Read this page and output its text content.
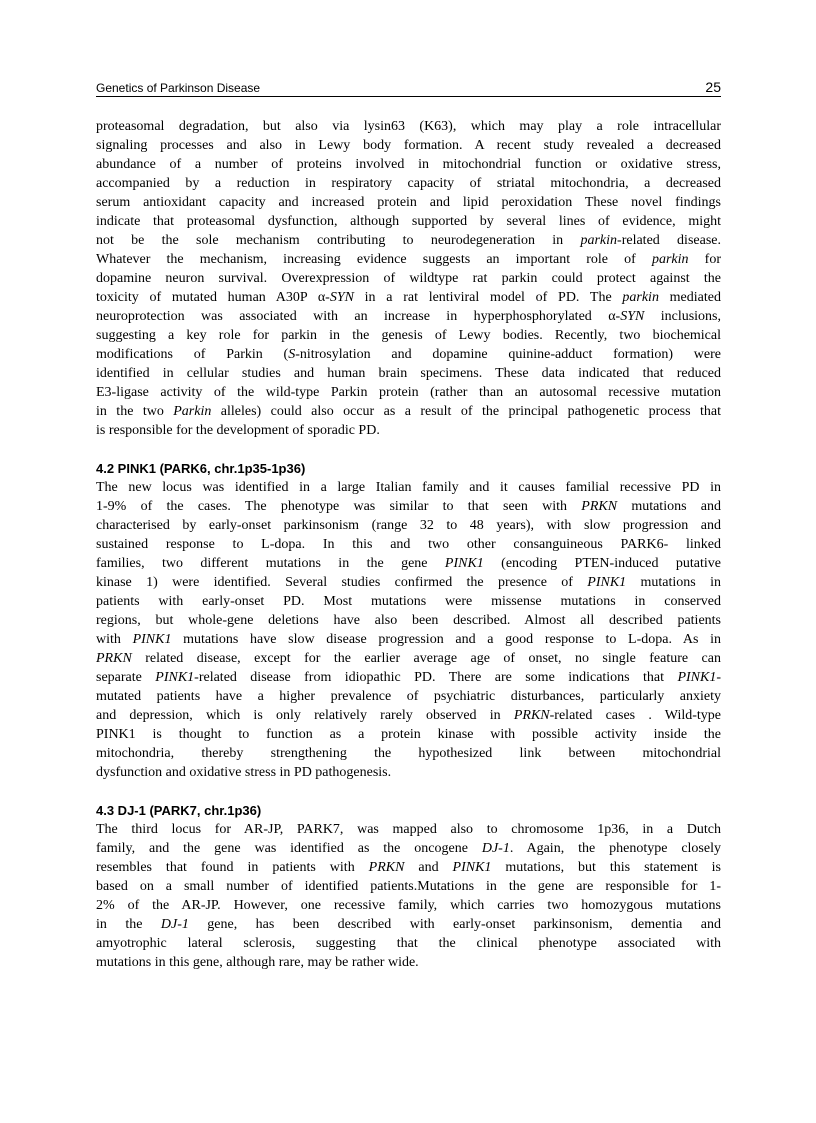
Genetics of Parkinson Disease	25

proteasomal degradation, but also via lysin63 (K63), which may play a role intracellular
signaling processes and also in Lewy body formation. A recent study revealed a decreased
abundance of a number of proteins involved in mitochondrial function or oxidative stress,
accompanied by a reduction in respiratory capacity of striatal mitochondria, a decreased
serum antioxidant capacity and increased protein and lipid peroxidation These novel findings
indicate that proteasomal dysfunction, although supported by several lines of evidence, might
not be the sole mechanism contributing to neurodegeneration in parkin-related disease.
Whatever the mechanism, increasing evidence suggests an important role of parkin for
dopamine neuron survival. Overexpression of wildtype rat parkin could protect against the
toxicity of mutated human A30P α-SYN in a rat lentiviral model of PD. The parkin mediated
neuroprotection was associated with an increase in hyperphosphorylated α-SYN inclusions,
suggesting a key role for parkin in the genesis of Lewy bodies. Recently, two biochemical
modifications of Parkin (S-nitrosylation and dopamine quinine-adduct formation) were
identified in cellular studies and human brain specimens. These data indicated that reduced
E3-ligase activity of the wild-type Parkin protein (rather than an autosomal recessive mutation
in the two Parkin alleles) could also occur as a result of the principal pathogenetic process that
is responsible for the development of sporadic PD.

4.2 PINK1 (PARK6, chr.1p35-1p36)

The new locus was identified in a large Italian family and it causes familial recessive PD in
1-9% of the cases. The phenotype was similar to that seen with PRKN mutations and
characterised by early-onset parkinsonism (range 32 to 48 years), with slow progression and
sustained response to L-dopa. In this and two other consanguineous PARK6- linked
families, two different mutations in the gene PINK1 (encoding PTEN-induced putative
kinase 1) were identified. Several studies confirmed the presence of PINK1 mutations in
patients with early-onset PD. Most mutations were missense mutations in conserved
regions, but whole-gene deletions have also been described. Almost all described patients
with PINK1 mutations have slow disease progression and a good response to L-dopa. As in
PRKN related disease, except for the earlier average age of onset, no single feature can
separate PINK1-related disease from idiopathic PD. There are some indications that PINK1-
mutated patients have a higher prevalence of psychiatric disturbances, particularly anxiety
and depression, which is only relatively rarely observed in PRKN-related cases . Wild-type
PINK1 is thought to function as a protein kinase with possible activity inside the
mitochondria, thereby strengthening the hypothesized link between mitochondrial
dysfunction and oxidative stress in PD pathogenesis.

4.3 DJ-1 (PARK7, chr.1p36)

The third locus for AR-JP, PARK7, was mapped also to chromosome 1p36, in a Dutch
family, and the gene was identified as the oncogene DJ-1. Again, the phenotype closely
resembles that found in patients with PRKN and PINK1 mutations, but this statement is
based on a small number of identified patients.Mutations in the gene are responsible for 1-
2% of the AR-JP. However, one recessive family, which carries two homozygous mutations
in the DJ-1 gene, has been described with early-onset parkinsonism, dementia and
amyotrophic lateral sclerosis, suggesting that the clinical phenotype associated with
mutations in this gene, although rare, may be rather wide.
